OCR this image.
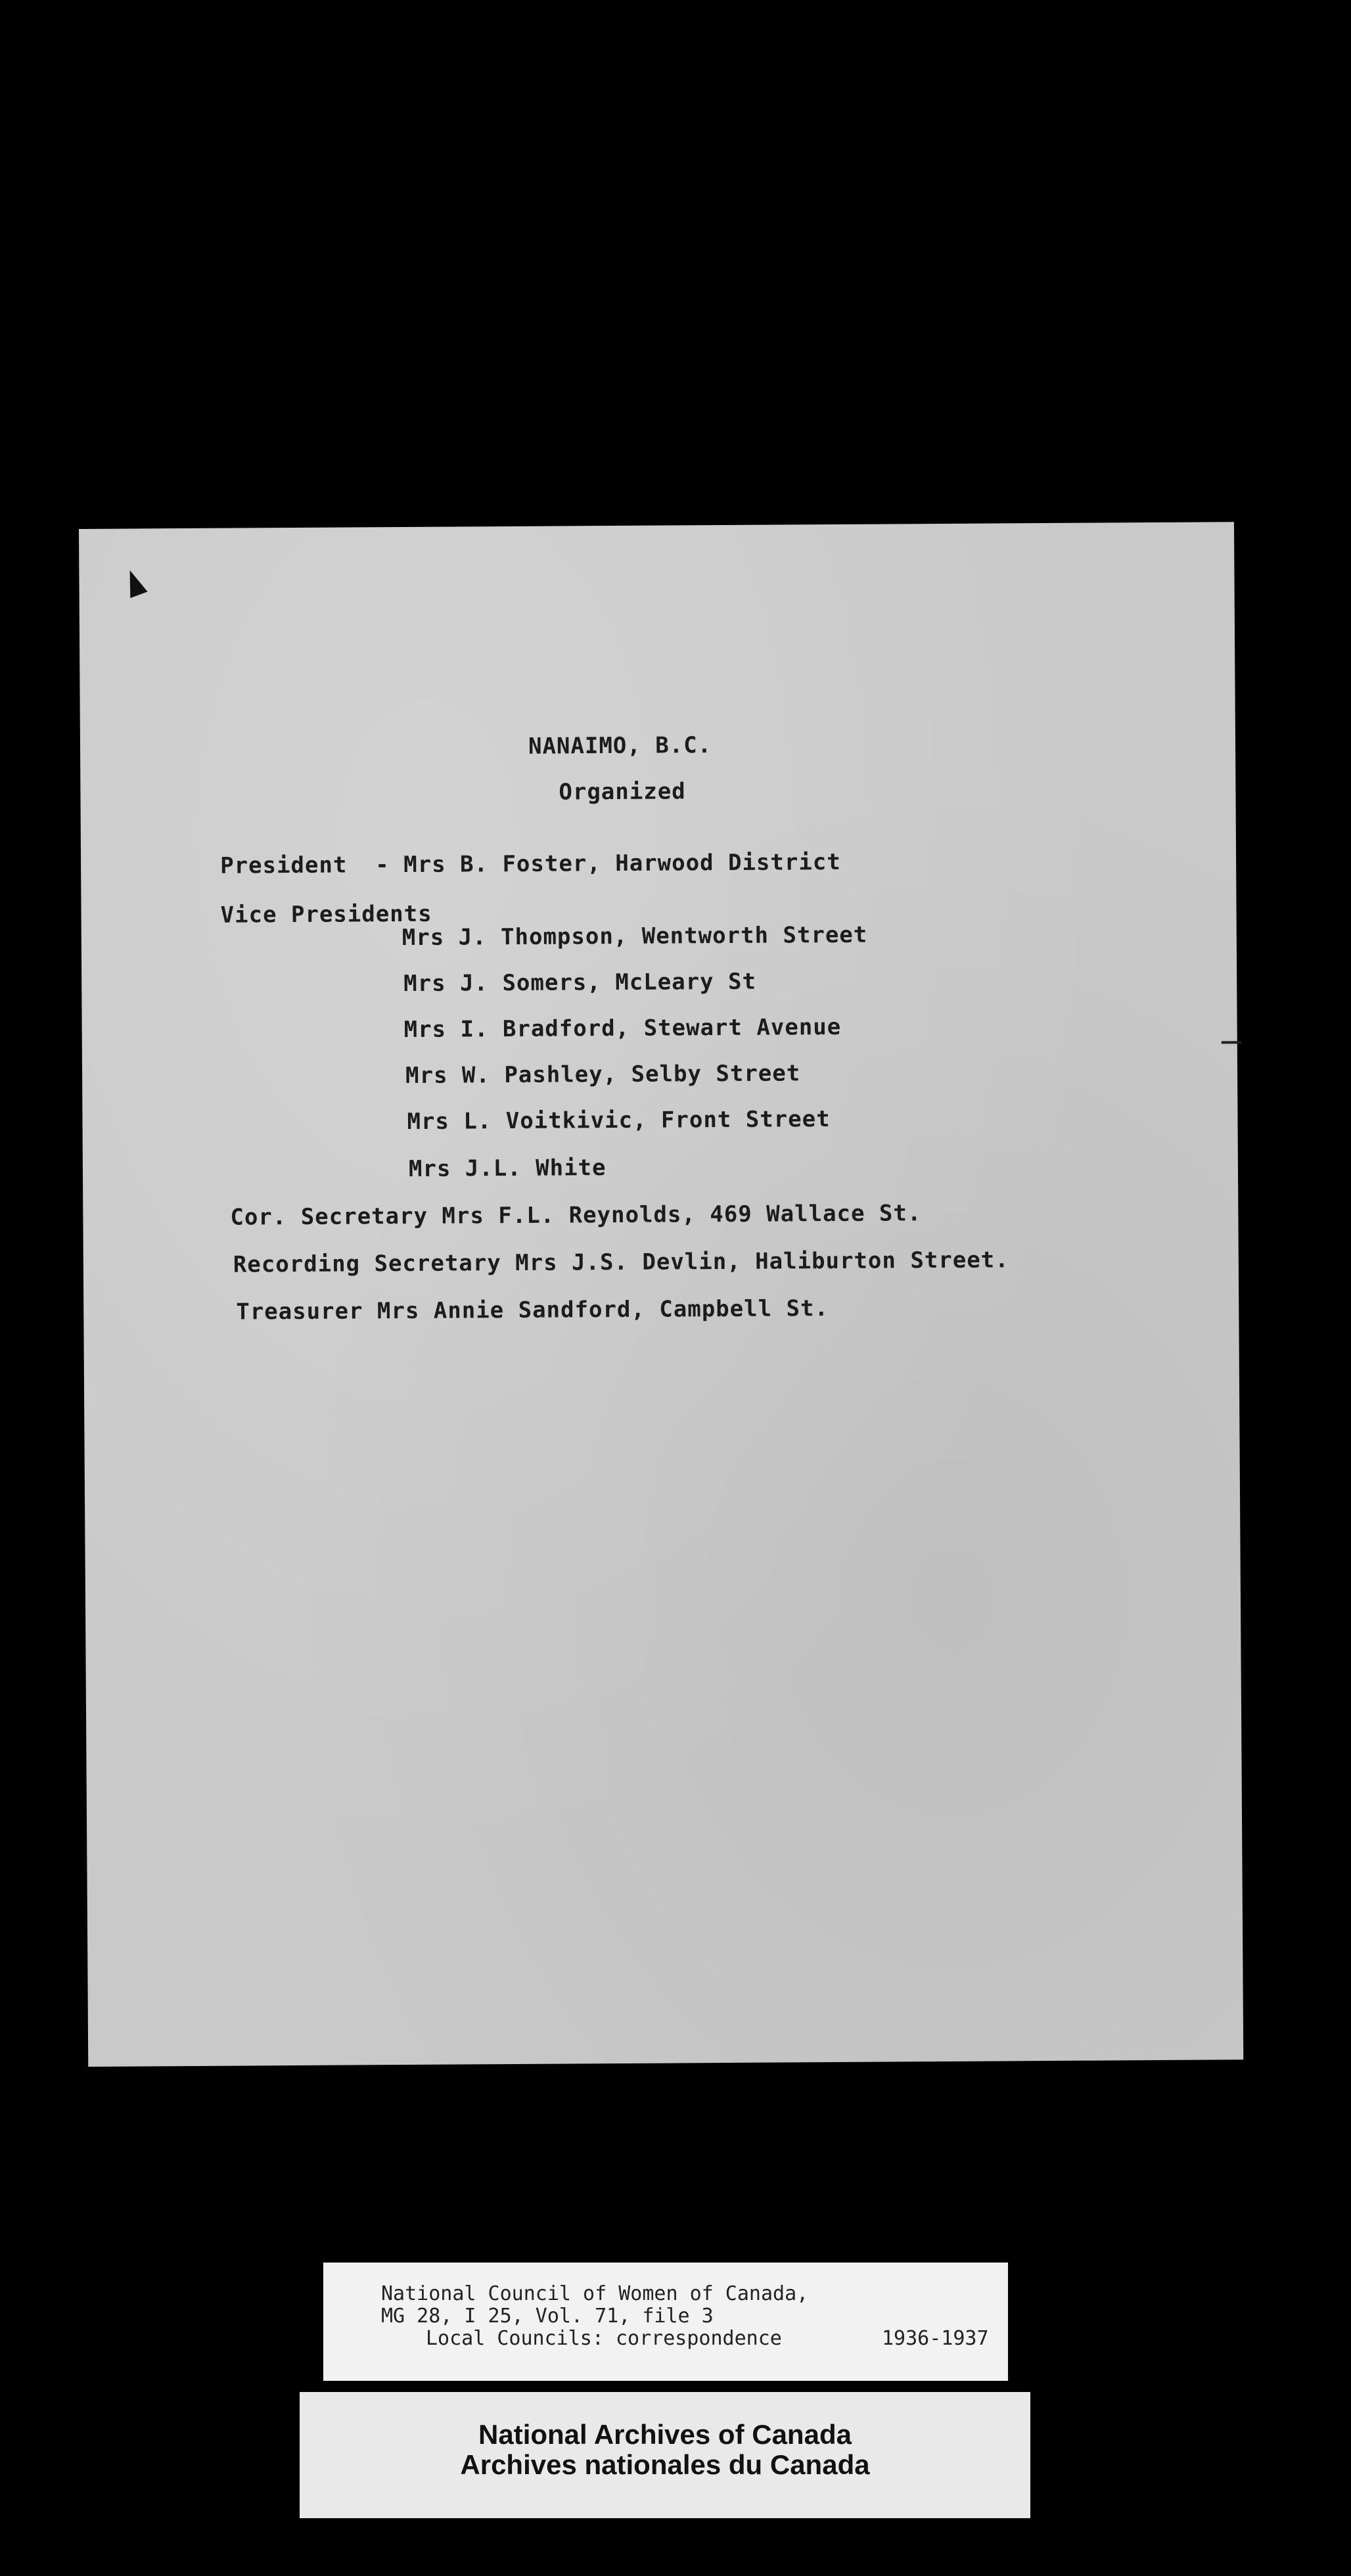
NANAIMO, B.C.
Organized
President  - Mrs B. Foster, Harwood District
Vice Presidents
Mrs J. Thompson, Wentworth Street
Mrs J. Somers, McLeary St
Mrs I. Bradford, Stewart Avenue
Mrs W. Pashley, Selby Street
Mrs L. Voitkivic, Front Street
Mrs J.L. White
Cor. Secretary Mrs F.L. Reynolds, 469 Wallace St.
Recording Secretary Mrs J.S. Devlin, Haliburton Street.
Treasurer Mrs Annie Sandford, Campbell St.
National Council of Women of Canada,
MG 28, I 25, Vol. 71, file 3
Local Councils: correspondence	1936-1937
National Archives of Canada
Archives nationales du Canada
